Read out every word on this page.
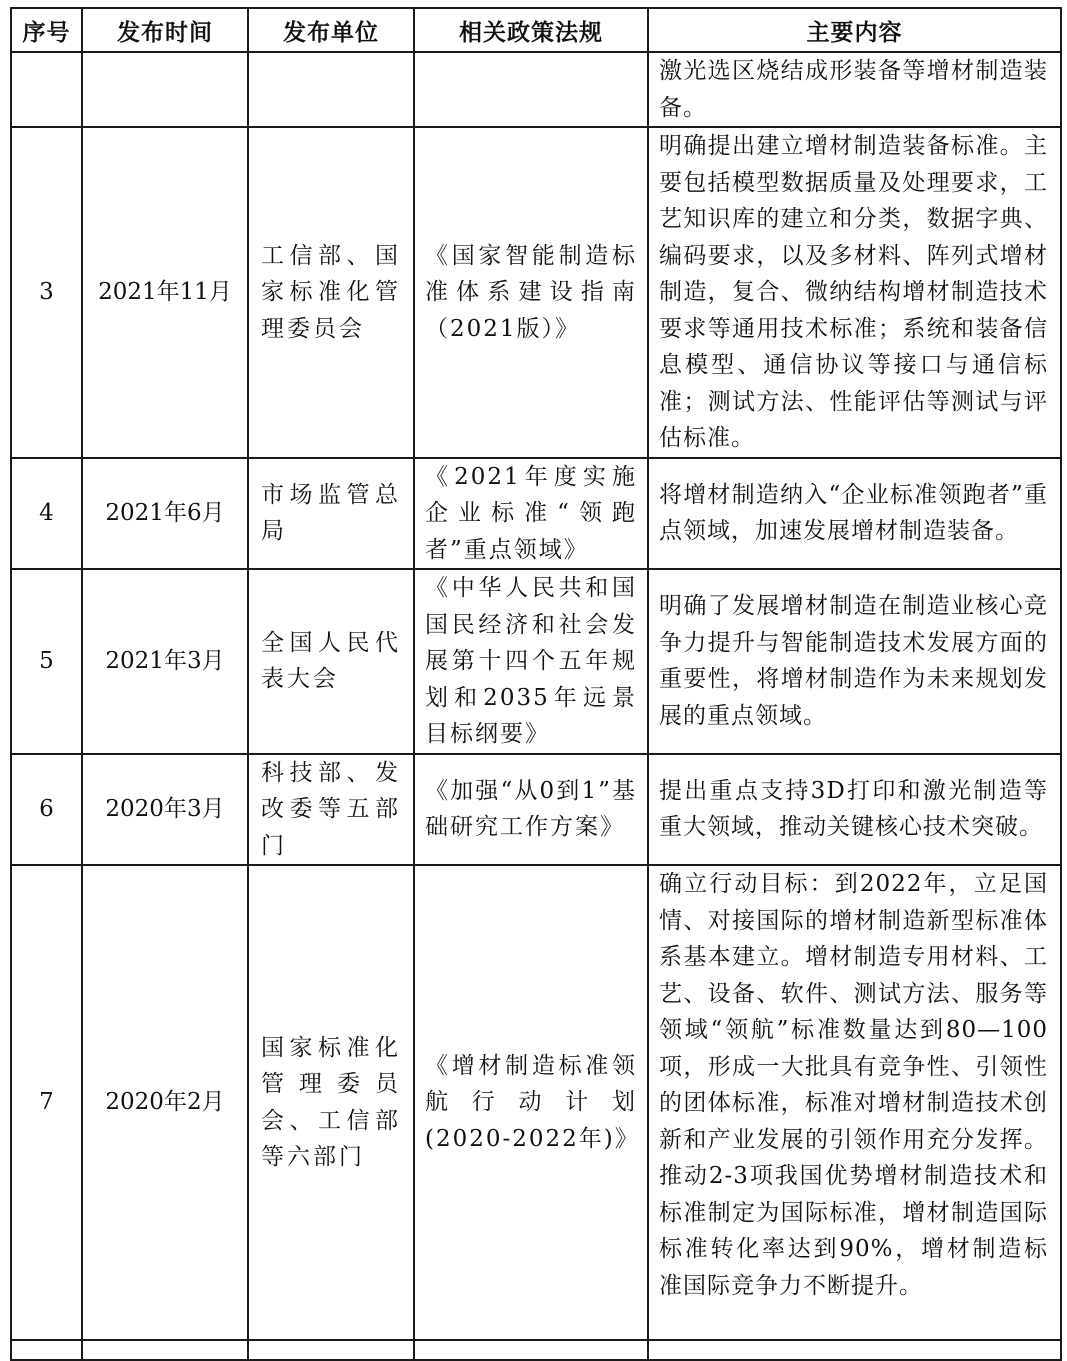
序号	发布时间	发布单位	相关政策法规	主要内容
				激光选区烧结成形装备等增材制造装备。
3	2021年11月	工信部、国家标准化管理委员会	《国家智能制造标准体系建设指南（2021版）》	明确提出建立增材制造装备标准。主要包括模型数据质量及处理要求，工艺知识库的建立和分类，数据字典、编码要求，以及多材料、阵列式增材制造，复合、微纳结构增材制造技术要求等通用技术标准；系统和装备信息模型、通信协议等接口与通信标准；测试方法、性能评估等测试与评估标准。
4	2021年6月	市场监管总局	《2021年度实施企业标准“领跑者”重点领域》	将增材制造纳入“企业标准领跑者”重点领域，加速发展增材制造装备。
5	2021年3月	全国人民代表大会	《中华人民共和国国民经济和社会发展第十四个五年规划和2035年远景目标纲要》	明确了发展增材制造在制造业核心竞争力提升与智能制造技术发展方面的重要性，将增材制造作为未来规划发展的重点领域。
6	2020年3月	科技部、发改委等五部门	《加强“从0到1”基础研究工作方案》	提出重点支持3D打印和激光制造等重大领域，推动关键核心技术突破。
7	2020年2月	国家标准化管理委员会、工信部等六部门	《增材制造标准领航行动计划(2020-2022年)》	确立行动目标：到2022年，立足国情、对接国际的增材制造新型标准体系基本建立。增材制造专用材料、工艺、设备、软件、测试方法、服务等领域“领航”标准数量达到80—100项，形成一大批具有竞争性、引领性的团体标准，标准对增材制造技术创新和产业发展的引领作用充分发挥。推动2-3项我国优势增材制造技术和标准制定为国际标准，增材制造国际标准转化率达到90%，增材制造标准国际竞争力不断提升。
